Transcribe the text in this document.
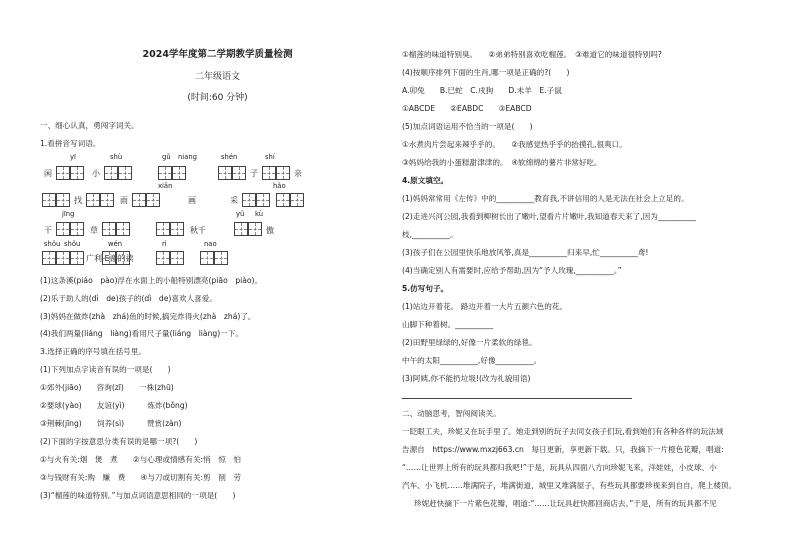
2024学年度第二学期教学质量检测
二年级语文
(时间:60 分钟)
一、细心认真，勇闯字词关。
1.看拼音写词语。
yī	shù	gǔ niang	shén	shí
闲	小	子	亲
xiǎn	hǎo
找	雨	画	采
jīng	yǔ kù
干	草	秋千	傲
shǒu shǒu	wén	rì	nao
广利 E谢的读
(1)这条溪(piáo　pào)浮在水面上的小船特别漂亮(piāo　piào)。
(2)乐于助人的(dì　de)孩子的(dì　de)喜欢人喜爱。
(3)妈妈在做炸(zhà　zhá)鱼的时候,搞完炸得火(zhà　zhá)了。
(4)我们两量(liáng　liàng)看用尺子量(liáng　liàng)一下。
3.选择正确的序号填在括号里。
(1)下列加点字读音有误的一项是(　　)
①郊外(jiāo)　　咨询(zī)　　一株(zhū)
②要球(yào)　　友谊(yì)　　　炼炸(bǒng)
③荆棘(jīng)　　饲养(sì)　　　赞赏(zàn)
(2)下面的字按意思分类有误的是哪一项?(　　)
①与火有关:烟　煲　煮　　②与心理或情感有关:悄　惊　怕
③与钱财有关:购　赚　费　　④与刀或切割有关:剪　削　劳
(3)“榴莲的味道特别。”与加点词语意思相同的一项是(　　)
①榴莲的味道特别臭。　　②弟弟特别喜欢吃榴莲。　③难道它的味道很特别吗?
(4)按顺序排列下面的生肖,哪一项是正确的?(　　)
A.卯兔　　B.巳蛇　C.戌狗　　D.未羊　E.子鼠
①ABCDE　　②EABDC　　③EABCD
(5)加点词语运用不恰当的一项是(　　)
①水煮肉片尝起来辣乎乎的。　　②我感觉热乎乎的抬摸孔,很爽口。
③妈妈给我的小蛋糕甜津津的。　④软绵绵的薯片非常好吃。
4.原文填空。
(1)妈妈常常用《左传》中的__________教育我,不讲信用的人是无法在社会上立足的。
(2)走进兴河公园,我看到柳树长出了嫩叶,望看片片嫩叶,我知道春天来了,因为__________
枝,__________。
(3)孩子们在公园里快乐地放风筝,真是__________归来早,忙__________鸢!
(4)当确定别人有需要时,应给予帮助,因为“予人玫瑰,__________。”
5.仿写句子。
(1)站边开着花。 路边开着一大片五颜六色的花。
山脚下种着树。__________
(2)田野里绿绿的,好像一片柔软的绿毯。
中午的太阳__________,好像__________。
(3)阿姨,你不能扔垃圾!(改为礼貌用语)
二、动脑思考，智闯阅读关。
一眨眼工夫，珍妮又在玩手里了。她走到别的玩子去同女孩子们玩,看到她们有各种各样的玩法域
告源自　https://www.mxzj663.cn　每日更新，享更新下载。只，我摘下一片橙色花瓣，唱道:
“……让世界上所有的玩具都归我吧!”于是，玩具从四面八方向珍妮飞来，洋娃娃，小皮球、小
汽车、小飞机……堆满院子，堆满街道，城里又堆满屋子，有些玩具都要珍视来到自自，爬上楼顶。
珍妮赶快摘下一片紫色花瓣，唱道:“……让玩具赶快都回商店去。”于是，所有的玩具都不见
